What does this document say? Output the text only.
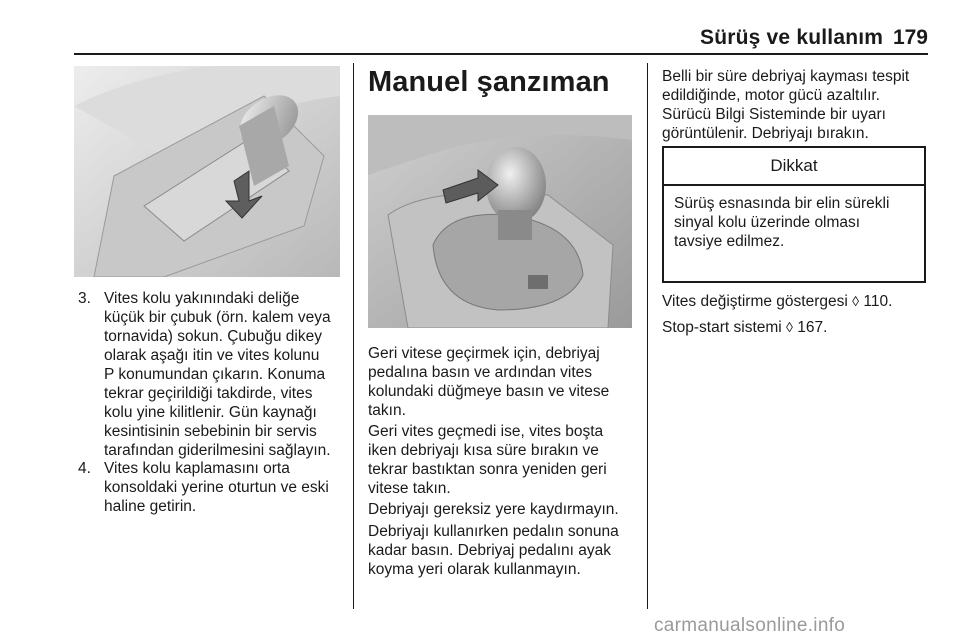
Sürüş ve kullanım 179
3. Vites kolu yakınındaki deliğe
küçük bir çubuk (örn. kalem veya
tornavida) sokun. Çubuğu dikey
olarak aşağı itin ve vites kolunu
P konumundan çıkarın. Konuma
tekrar geçirildiği takdirde, vites
kolu yine kilitlenir. Gün kaynağı
kesintisinin sebebinin bir servis
tarafından giderilmesini sağlayın.
4. Vites kolu kaplamasını orta
konsoldaki yerine oturtun ve eski
haline getirin.
Manuel şanzıman
Geri vitese geçirmek için, debriyaj
pedalına basın ve ardından vites
kolundaki düğmeye basın ve vitese
takın.
Geri vites geçmedi ise, vites boşta
iken debriyajı kısa süre bırakın ve
tekrar bastıktan sonra yeniden geri
vitese takın.
Debriyajı gereksiz yere kaydırmayın.
Debriyajı kullanırken pedalın sonuna
kadar basın. Debriyaj pedalını ayak
koyma yeri olarak kullanmayın.
Belli bir süre debriyaj kayması tespit
edildiğinde, motor gücü azaltılır.
Sürücü Bilgi Sisteminde bir uyarı
görüntülenir. Debriyajı bırakın.
Dikkat
Sürüş esnasında bir elin sürekli
sinyal kolu üzerinde olması
tavsiye edilmez.
Vites değiştirme göstergesi ◊ 110.
Stop-start sistemi ◊ 167.
carmanualsonline.info
